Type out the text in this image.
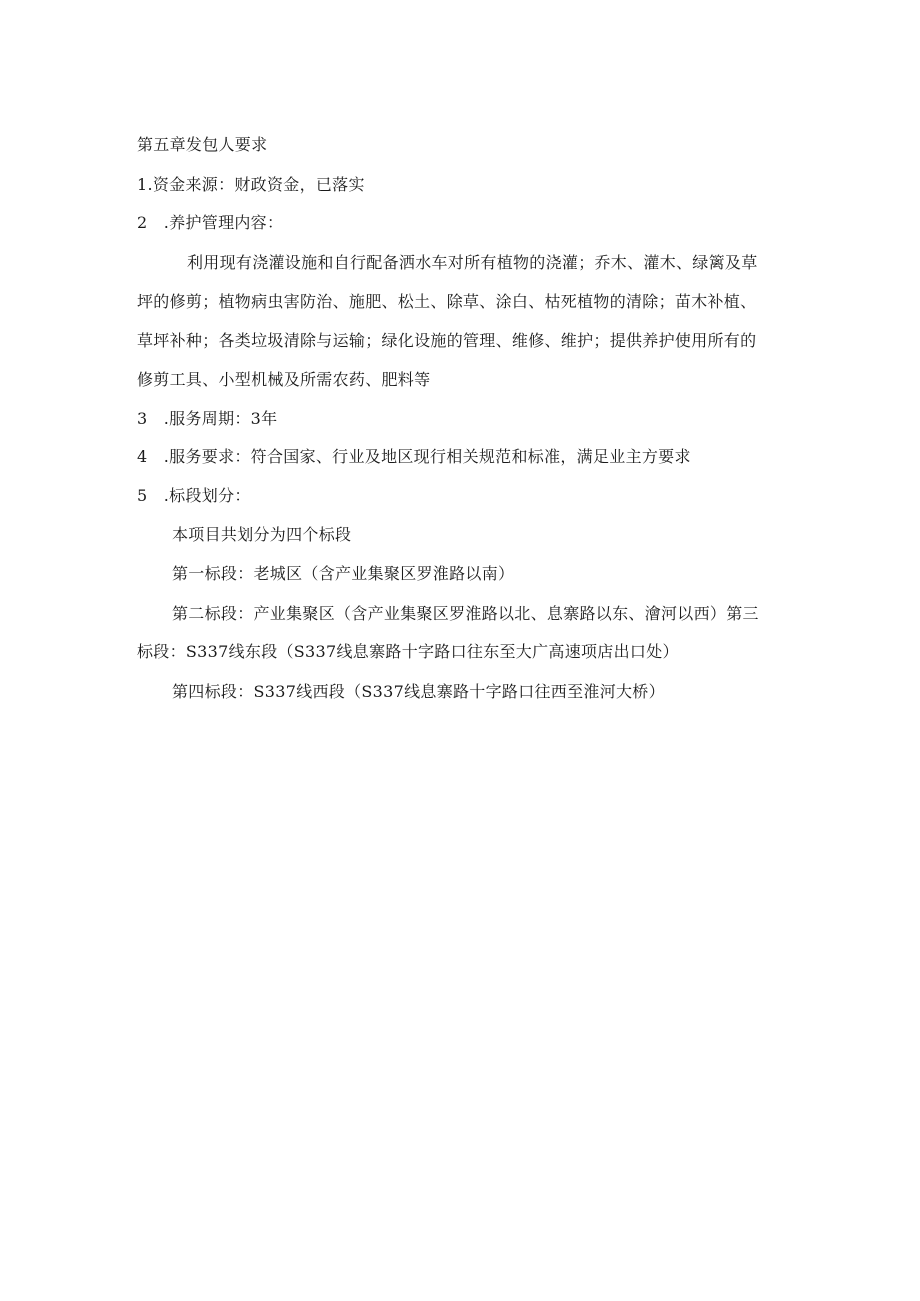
第五章发包人要求
1.资金来源：财政资金，已落实
2　.养护管理内容：
利用现有浇灌设施和自行配备洒水车对所有植物的浇灌；乔木、灌木、绿篱及草
坪的修剪；植物病虫害防治、施肥、松土、除草、涂白、枯死植物的清除；苗木补植、
草坪补种；各类垃圾清除与运输；绿化设施的管理、维修、维护；提供养护使用所有的
修剪工具、小型机械及所需农药、肥料等
3　.服务周期：3年
4　.服务要求：符合国家、行业及地区现行相关规范和标准，满足业主方要求
5　.标段划分：
本项目共划分为四个标段
第一标段：老城区（含产业集聚区罗淮路以南）
第二标段：产业集聚区（含产业集聚区罗淮路以北、息寨路以东、澮河以西）第三
标段：S337线东段（S337线息寨路十字路口往东至大广高速项店出口处）
第四标段：S337线西段（S337线息寨路十字路口往西至淮河大桥）
